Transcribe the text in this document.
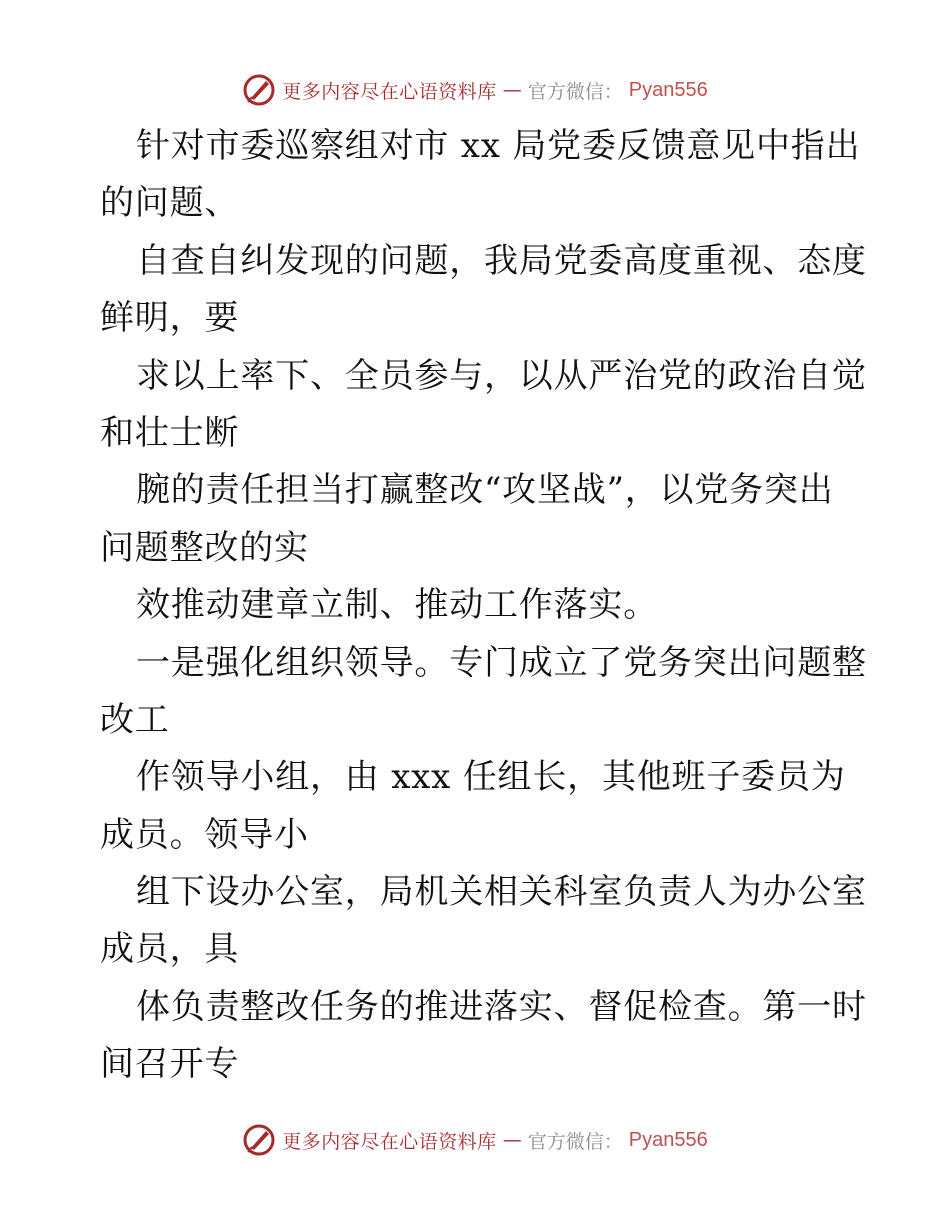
更多内容尽在心语资料库 — 官方微信： Pyan556
针对市委巡察组对市 xx 局党委反馈意见中指出
的问题、
自查自纠发现的问题，我局党委高度重视、态度
鲜明，要
求以上率下、全员参与，以从严治党的政治自觉
和壮士断
腕的责任担当打赢整改“攻坚战”，以党务突出
问题整改的实
效推动建章立制、推动工作落实。
一是强化组织领导。专门成立了党务突出问题整
改工
作领导小组，由 xxx 任组长，其他班子委员为
成员。领导小
组下设办公室，局机关相关科室负责人为办公室
成员，具
体负责整改任务的推进落实、督促检查。第一时
间召开专
更多内容尽在心语资料库 — 官方微信： Pyan556
